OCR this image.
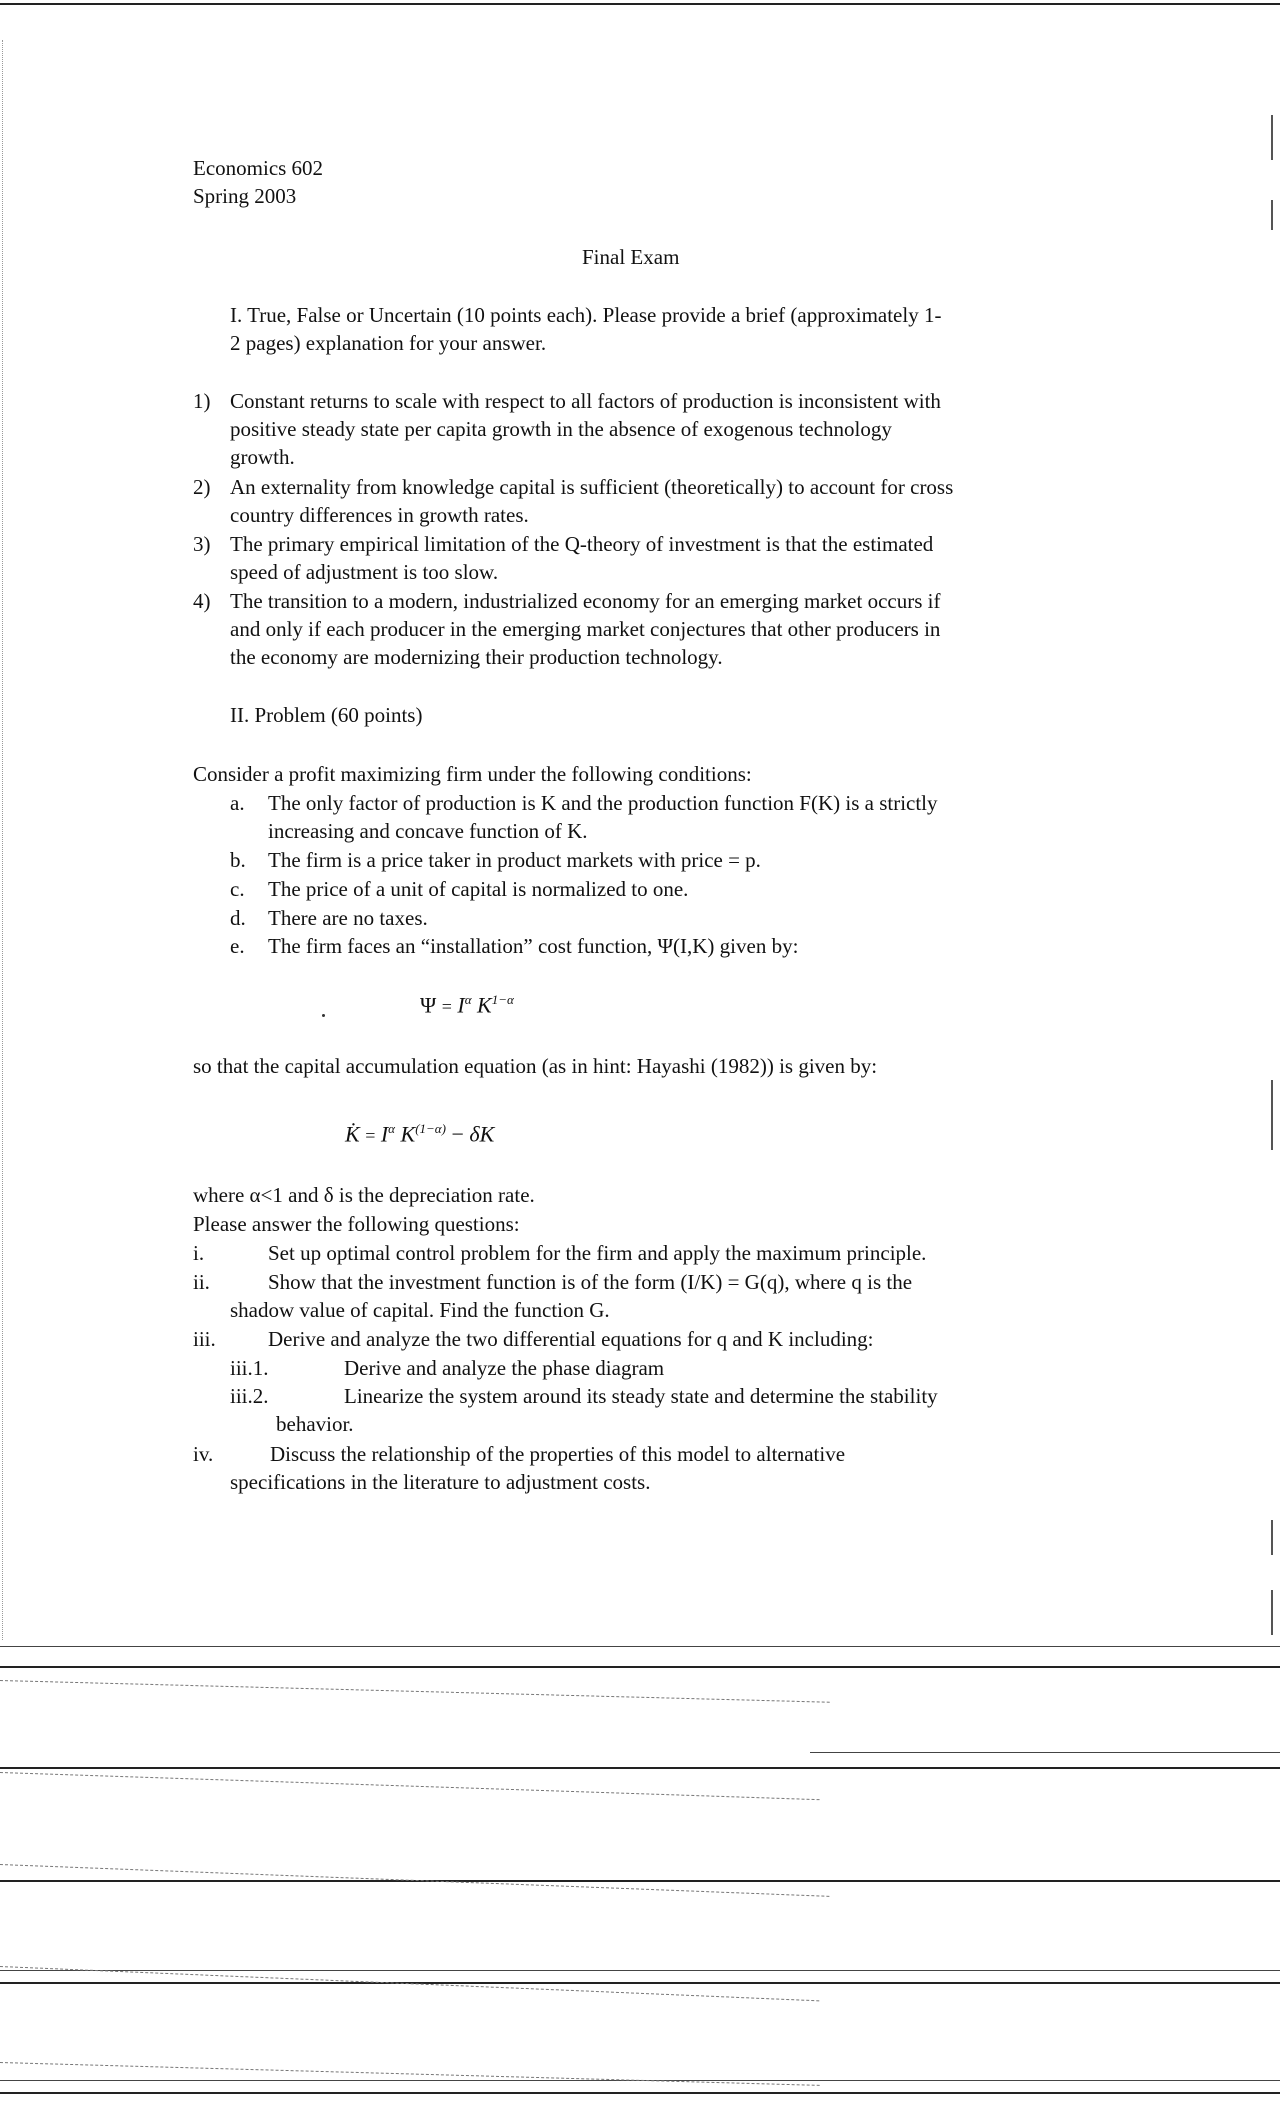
Economics 602
Spring 2003
Final Exam
I. True, False or Uncertain (10 points each). Please provide a brief (approximately 1-
2 pages) explanation for your answer.
1) Constant returns to scale with respect to all factors of production is inconsistent with
positive steady state per capita growth in the absence of exogenous technology
growth.
2) An externality from knowledge capital is sufficient (theoretically) to account for cross
country differences in growth rates.
3) The primary empirical limitation of the Q-theory of investment is that the estimated
speed of adjustment is too slow.
4) The transition to a modern, industrialized economy for an emerging market occurs if
and only if each producer in the emerging market conjectures that other producers in
the economy are modernizing their production technology.
II. Problem (60 points)
Consider a profit maximizing firm under the following conditions:
a. The only factor of production is K and the production function F(K) is a strictly
increasing and concave function of K.
b. The firm is a price taker in product markets with price = p.
c. The price of a unit of capital is normalized to one.
d. There are no taxes.
e. The firm faces an “installation” cost function, Ψ(I,K) given by:
$\Psi = I^\alpha$ $K^{1-\alpha}$
so that the capital accumulation equation (as in hint: Hayashi (1982)) is given by:
K̇ = $I^\alpha$ $K^{(1-\alpha)} - \delta K$
where α<1 and δ is the depreciation rate.
Please answer the following questions:
i.	Set up optimal control problem for the firm and apply the maximum principle.
ii.	Show that the investment function is of the form (I/K) = G(q), where q is the
shadow value of capital. Find the function G.
iii. Derive and analyze the two differential equations for q and K including:
iii.1.	Derive and analyze the phase diagram
iii.2.	Linearize the system around its steady state and determine the stability
behavior.
iv.	Discuss the relationship of the properties of this model to alternative
specifications in the literature to adjustment costs.
